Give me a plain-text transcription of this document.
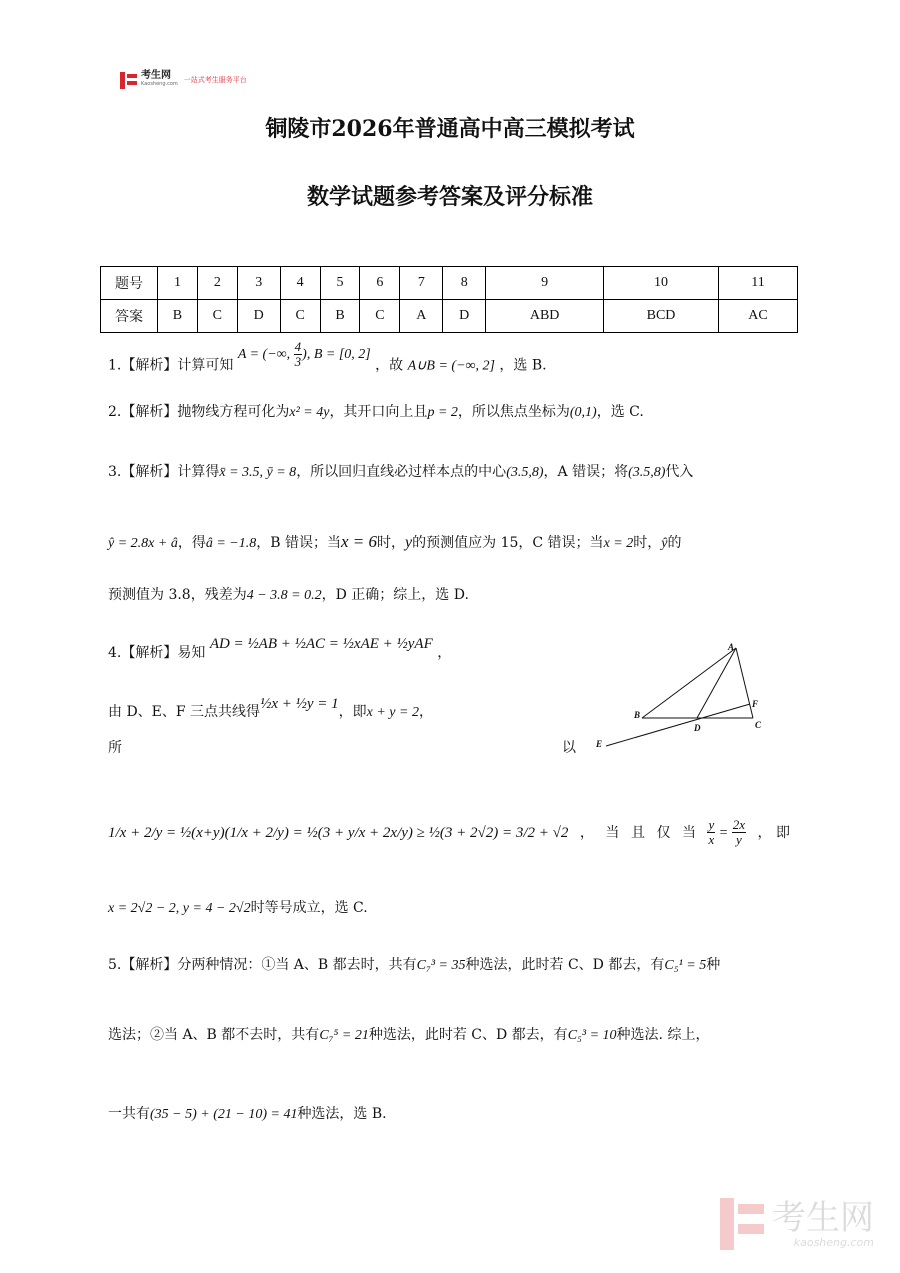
考生网
Kaosheng.com 一站式考生服务平台
铜陵市2026年普通高中高三模拟考试
数学试题参考答案及评分标准
题号	1	2	3	4	5	6	7	8	9	10	11
答案	B	C	D	C	B	C	A	D	ABD	BCD	AC
1.【解析】计算可知 A = (−∞, $\frac{4}{3}$ ), B = [0, 2] ，故 A∪B = (−∞, 2] ，选 B.
2.【解析】抛物线方程可化为x² = 4y，其开口向上且p = 2，所以焦点坐标为(0,1)，选 C.
3.【解析】计算得x̄ = 3.5, ȳ = 8，所以回归直线必过样本点的中心(3.5,8)，A 错误；将(3.5,8)代入
ŷ = 2.8x + â，得â = −1.8，B 错误；当x = 6时，y的预测值应为 15，C 错误；当x = 2时，ŷ的
预测值为 3.8，残差为4 − 3.8 = 0.2，D 正确；综上，选 D.
4.【解析】易知 AD = ½AB + ½AC = ½xAE + ½yAF ，
由 D、E、F 三点共线得½x + ½y = 1，即x + y = 2，
所	以
A
B
C
D
E
F
1/x + 2/y = ½(x+y)(1/x + 2/y) = ½(3 + y/x + 2x/y) ≥ ½(3 + 2√2) = 3/2 + √2 ， 当 且 仅 当 $\frac{y}{x} = \frac{2x}{y}$ ， 即
x = 2√2 − 2, y = 4 − 2√2时等号成立，选 C.
5.【解析】分两种情况：①当 A、B 都去时，共有C₇³ = 35种选法，此时若 C、D 都去，有C₅¹ = 5种
选法；②当 A、B 都不去时，共有C₇⁵ = 21种选法，此时若 C、D 都去，有C₅³ = 10种选法. 综上，
一共有(35 − 5) + (21 − 10) = 41种选法，选 B.
考生网
kaosheng.com
